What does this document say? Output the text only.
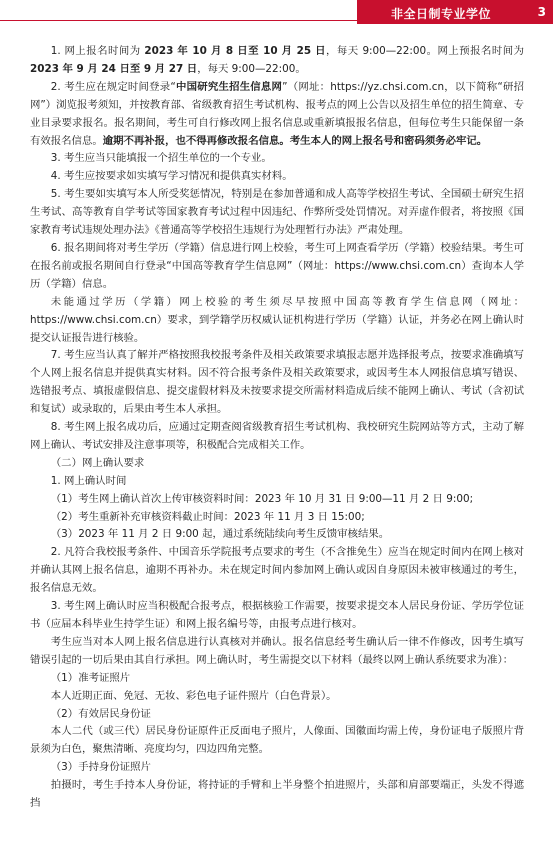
非全日制专业学位	3

1. 网上报名时间为 2023 年 10 月 8 日至 10 月 25 日，每天 9:00—22:00。网上预报名时间为 2023 年 9 月 24 日至 9 月 27 日，每天 9:00—22:00。

2. 考生应在规定时间登录“中国研究生招生信息网”（网址：https://yz.chsi.com.cn，以下简称“研招网”）浏览报考须知，并按教育部、省级教育招生考试机构、报考点的网上公告以及招生单位的招生简章、专业目录要求报名。报名期间，考生可自行修改网上报名信息或重新填报报名信息，但每位考生只能保留一条有效报名信息。逾期不再补报，也不得再修改报名信息。考生本人的网上报名号和密码须务必牢记。

3. 考生应当只能填报一个招生单位的一个专业。

4. 考生应按要求如实填写学习情况和提供真实材料。

5. 考生要如实填写本人所受奖惩情况，特别是在参加普通和成人高等学校招生考试、全国硕士研究生招生考试、高等教育自学考试等国家教育考试过程中因违纪、作弊所受处罚情况。对弄虚作假者，将按照《国家教育考试违规处理办法》《普通高等学校招生违规行为处理暂行办法》严肃处理。

6. 报名期间将对考生学历（学籍）信息进行网上校验，考生可上网查看学历（学籍）校验结果。考生可在报名前或报名期间自行登录“中国高等教育学生信息网”（网址：https://www.chsi.com.cn）查询本人学历（学籍）信息。

未能通过学历（学籍）网上校验的考生须尽早按照中国高等教育学生信息网（网址：https://www.chsi.com.cn）要求，到学籍学历权威认证机构进行学历（学籍）认证，并务必在网上确认时提交认证报告进行核验。

7. 考生应当认真了解并严格按照我校报考条件及相关政策要求填报志愿并选择报考点，按要求准确填写个人网上报名信息并提供真实材料。因不符合报考条件及相关政策要求，或因考生本人网报信息填写错误、选错报考点、填报虚假信息、提交虚假材料及未按要求提交所需材料造成后续不能网上确认、考试（含初试和复试）或录取的，后果由考生本人承担。

8. 考生网上报名成功后，应通过定期查阅省级教育招生考试机构、我校研究生院网站等方式，主动了解网上确认、考试安排及注意事项等，积极配合完成相关工作。

（二）网上确认要求

1. 网上确认时间

（1）考生网上确认首次上传审核资料时间：2023 年 10 月 31 日 9:00—11 月 2 日 9:00;

（2）考生重新补充审核资料截止时间：2023 年 11 月 3 日 15:00;

（3）2023 年 11 月 2 日 9:00 起，通过系统陆续向考生反馈审核结果。

2. 凡符合我校报考条件、中国音乐学院报考点要求的考生（不含推免生）应当在规定时间内在网上核对并确认其网上报名信息，逾期不再补办。未在规定时间内参加网上确认或因自身原因未被审核通过的考生，报名信息无效。

3. 考生网上确认时应当积极配合报考点，根据核验工作需要，按要求提交本人居民身份证、学历学位证书（应届本科毕业生持学生证）和网上报名编号等，由报考点进行核对。

考生应当对本人网上报名信息进行认真核对并确认。报名信息经考生确认后一律不作修改，因考生填写错误引起的一切后果由其自行承担。网上确认时，考生需提交以下材料（最终以网上确认系统要求为准）：

（1）准考证照片

本人近期正面、免冠、无妆、彩色电子证件照片（白色背景）。

（2）有效居民身份证

本人二代（或三代）居民身份证原件正反面电子照片，人像面、国徽面均需上传，身份证电子版照片背景须为白色，聚焦清晰、亮度均匀，四边四角完整。

（3）手持身份证照片

拍摄时，考生手持本人身份证，将持证的手臂和上半身整个拍进照片，头部和肩部要端正，头发不得遮挡
